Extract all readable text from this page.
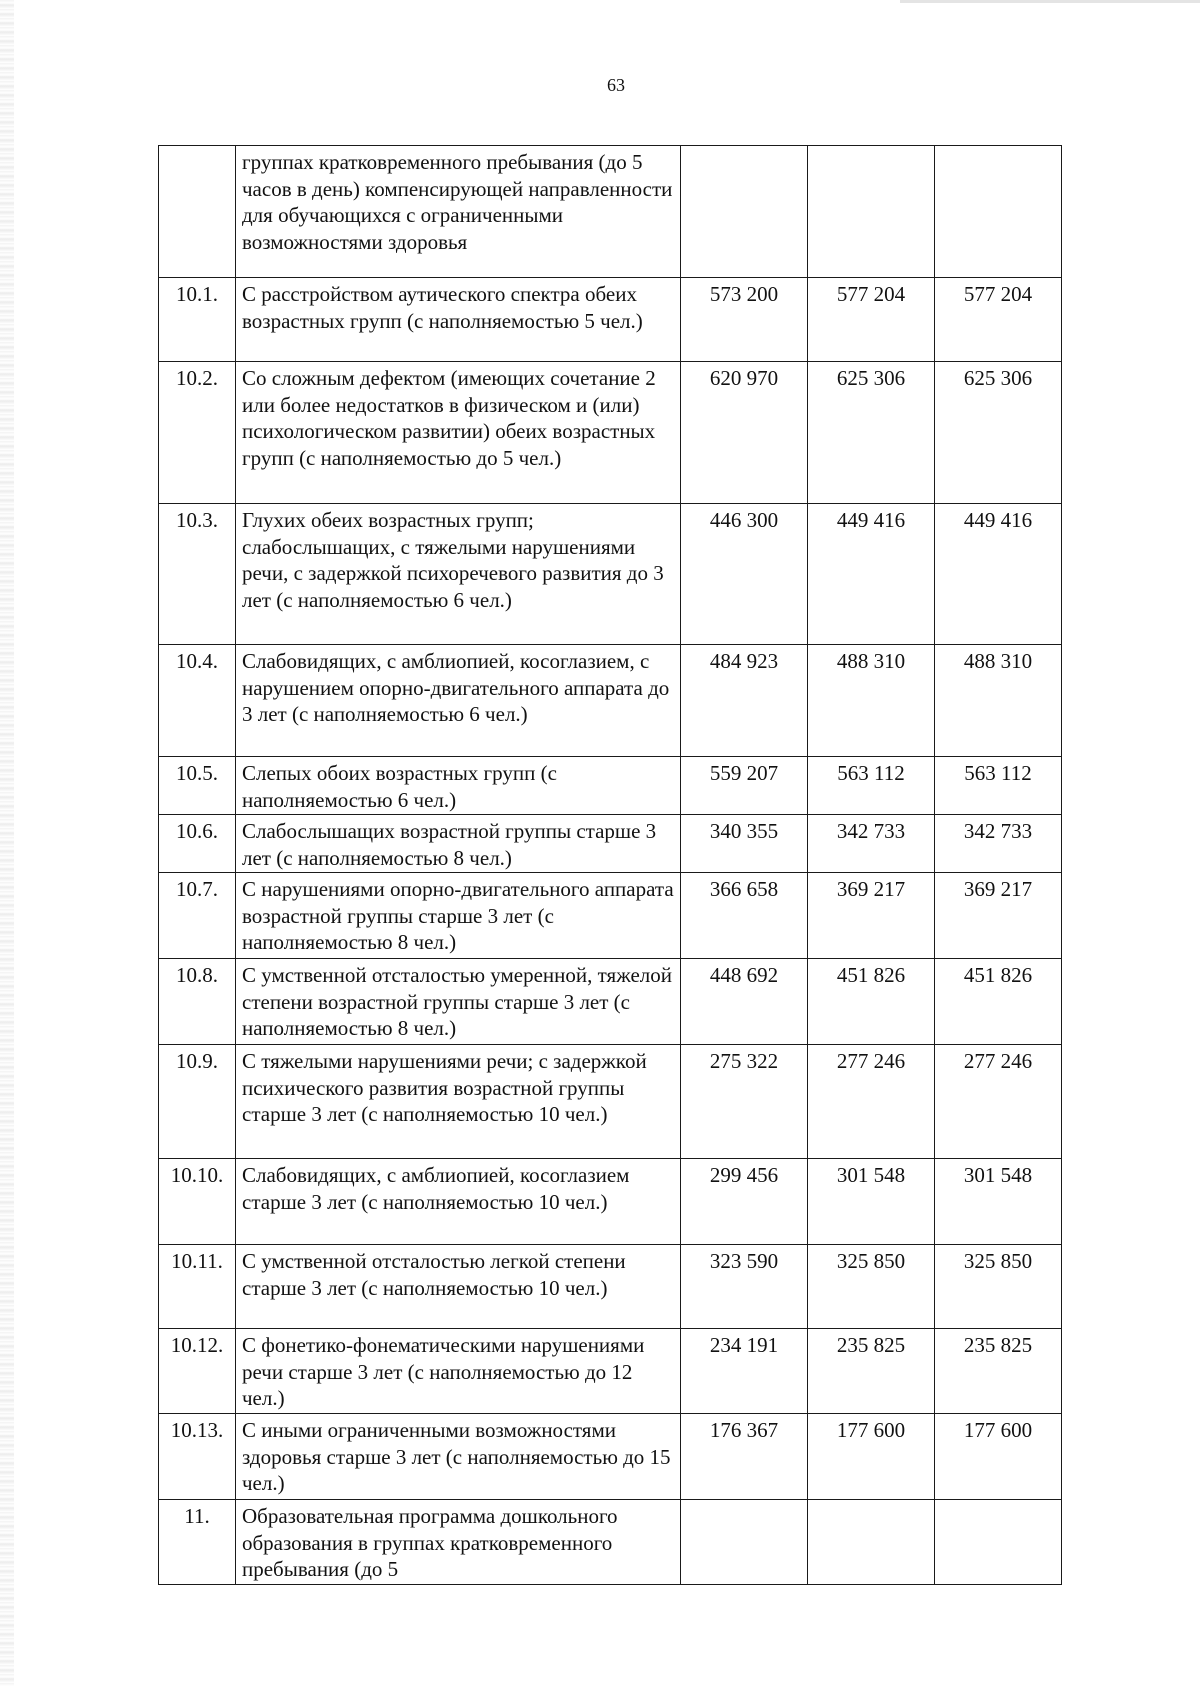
63
	группах кратковременного пребывания (до 5 часов в день) компенсирующей направленности для обучающихся с ограниченными возможностями здоровья			
10.1.	С расстройством аутического спектра обеих возрастных групп (с наполняемостью 5 чел.)	573 200	577 204	577 204
10.2.	Со сложным дефектом (имеющих сочетание 2 или более недостатков в физическом и (или) психологическом развитии) обеих возрастных групп (с наполняемостью до 5 чел.)	620 970	625 306	625 306
10.3.	Глухих обеих возрастных групп; слабослышащих, с тяжелыми нарушениями речи, с задержкой психоречевого развития до 3 лет (с наполняемостью 6 чел.)	446 300	449 416	449 416
10.4.	Слабовидящих, с амблиопией, косоглазием, с нарушением опорно-двигательного аппарата до 3 лет (с наполняемостью 6 чел.)	484 923	488 310	488 310
10.5.	Слепых обоих возрастных групп (с наполняемостью 6 чел.)	559 207	563 112	563 112
10.6.	Слабослышащих возрастной группы старше 3 лет (с наполняемостью 8 чел.)	340 355	342 733	342 733
10.7.	С нарушениями опорно-двигательного аппарата возрастной группы старше 3 лет (с наполняемостью 8 чел.)	366 658	369 217	369 217
10.8.	С умственной отсталостью умеренной, тяжелой степени возрастной группы старше 3 лет (с наполняемостью 8 чел.)	448 692	451 826	451 826
10.9.	С тяжелыми нарушениями речи; с задержкой психического развития возрастной группы старше 3 лет (с наполняемостью 10 чел.)	275 322	277 246	277 246
10.10.	Слабовидящих, с амблиопией, косоглазием старше 3 лет (с наполняемостью 10 чел.)	299 456	301 548	301 548
10.11.	С умственной отсталостью легкой степени старше 3 лет (с наполняемостью 10 чел.)	323 590	325 850	325 850
10.12.	С фонетико-фонематическими нарушениями речи старше 3 лет (с наполняемостью до 12 чел.)	234 191	235 825	235 825
10.13.	С иными ограниченными возможностями здоровья старше 3 лет (с наполняемостью до 15 чел.)	176 367	177 600	177 600
11.	Образовательная программа дошкольного образования в группах кратковременного пребывания (до 5			
